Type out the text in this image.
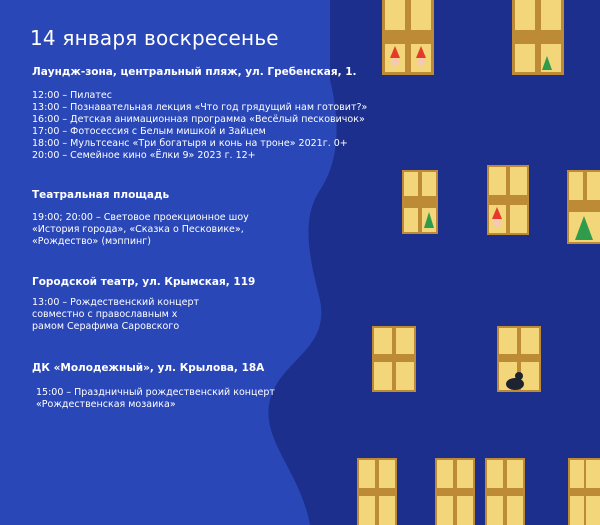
14 января воскресенье
Лаундж-зона, центральный пляж, ул. Гребенская, 1.
12:00 – Пилатес
13:00 – Познавательная лекция «Что год грядущий нам готовит?»
16:00 – Детская анимационная программа «Весёлый песковичок»
17:00 – Фотосессия с Белым мишкой и Зайцем
18:00 – Мультсеанс «Три богатыря и конь на троне» 2021г. 0+
20:00 – Семейное кино «Ёлки 9» 2023 г. 12+
Театральная площадь
19:00; 20:00 – Световое проекционное шоу
«История города», «Сказка о Песковике»,
«Рождество» (мэппинг)
Городской театр, ул. Крымская, 119
13:00 – Рождественский концерт
совместно с православным х
рамом Серафима Саровского
ДК «Молодежный», ул. Крылова, 18А
15:00 – Праздничный рождественский концерт
«Рождественская мозаика»
